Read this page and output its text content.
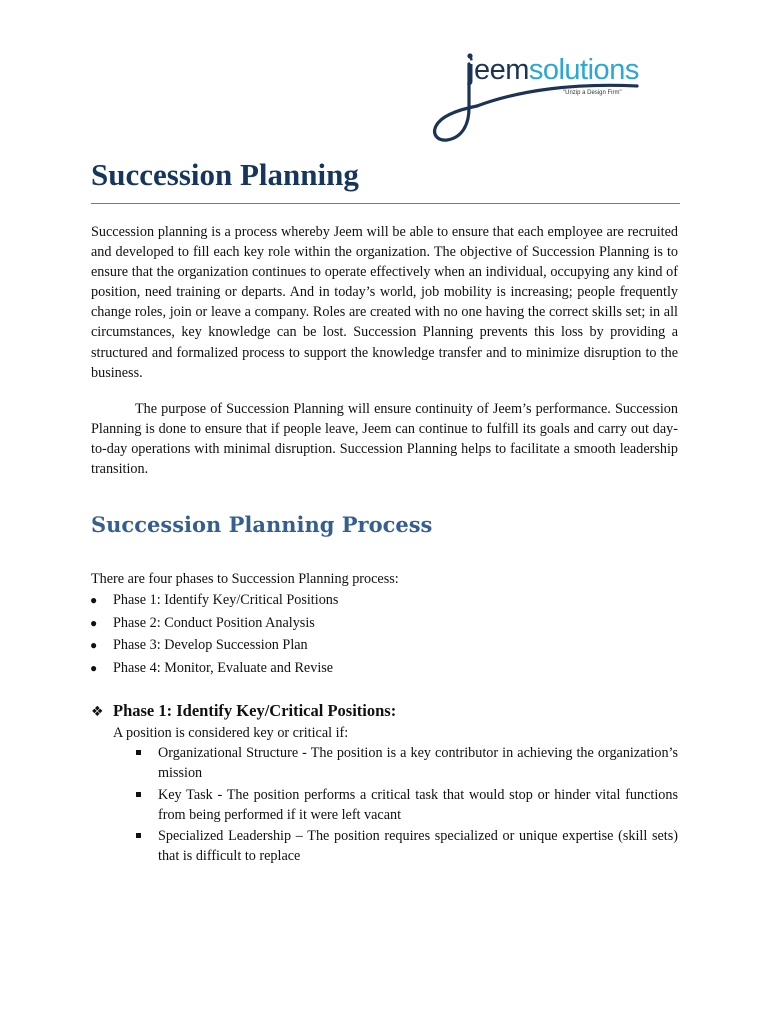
jeemsolutions
"Unzip a Design Firm"
Succession Planning

Succession planning is a process whereby Jeem will be able to ensure that each employee are recruited and developed to fill each key role within the organization. The objective of Succession Planning is to ensure that the organization continues to operate effectively when an individual, occupying any kind of position, need training or departs. And in today’s world, job mobility is increasing; people frequently change roles, join or leave a company. Roles are created with no one having the correct skills set; in all circumstances, key knowledge can be lost. Succession Planning prevents this loss by providing a structured and formalized process to support the knowledge transfer and to minimize disruption to the business.

The purpose of Succession Planning will ensure continuity of Jeem’s performance. Succession Planning is done to ensure that if people leave, Jeem can continue to fulfill its goals and carry out day-to-day operations with minimal disruption. Succession Planning helps to facilitate a smooth leadership transition.

Succession Planning Process

There are four phases to Succession Planning process:

● Phase 1: Identify Key/Critical Positions
● Phase 2: Conduct Position Analysis
● Phase 3: Develop Succession Plan
● Phase 4: Monitor, Evaluate and Revise
❖ Phase 1: Identify Key/Critical Positions:

A position is considered key or critical if:

Organizational Structure - The position is a key contributor in achieving the organization’s mission
Key Task - The position performs a critical task that would stop or hinder vital functions from being performed if it were left vacant
Specialized Leadership – The position requires specialized or unique expertise (skill sets) that is difficult to replace
